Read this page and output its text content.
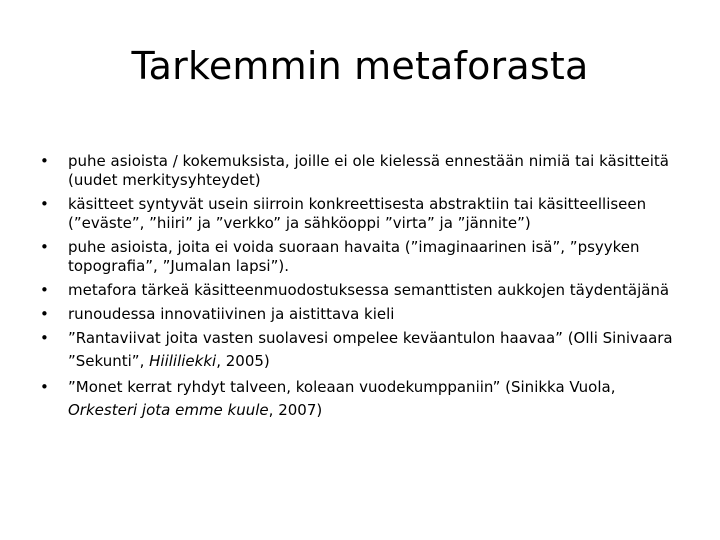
Tarkemmin metaforasta
•	puhe asioista / kokemuksista, joille ei ole kielessä ennestään nimiä tai käsitteitä (uudet merkitysyhteydet)
•	käsitteet syntyvät usein siirroin konkreettisesta abstraktiin tai käsitteelliseen (”eväste”, ”hiiri” ja ”verkko” ja sähköoppi ”virta” ja ”jännite”)
•	puhe asioista, joita ei voida suoraan havaita (”imaginaarinen isä”, ”psyyken topografia”, ”Jumalan lapsi”).
•	metafora tärkeä käsitteenmuodostuksessa semanttisten aukkojen täydentäjänä
•	runoudessa innovatiivinen ja aistittava kieli
•	”Rantaviivat joita vasten suolavesi ompelee keväantulon haavaa” (Olli Sinivaara ”Sekunti”, Hiililiekki, 2005)
•	”Monet kerrat ryhdyt talveen, koleaan vuodekumppaniin” (Sinikka Vuola, Orkesteri jota emme kuule, 2007)
